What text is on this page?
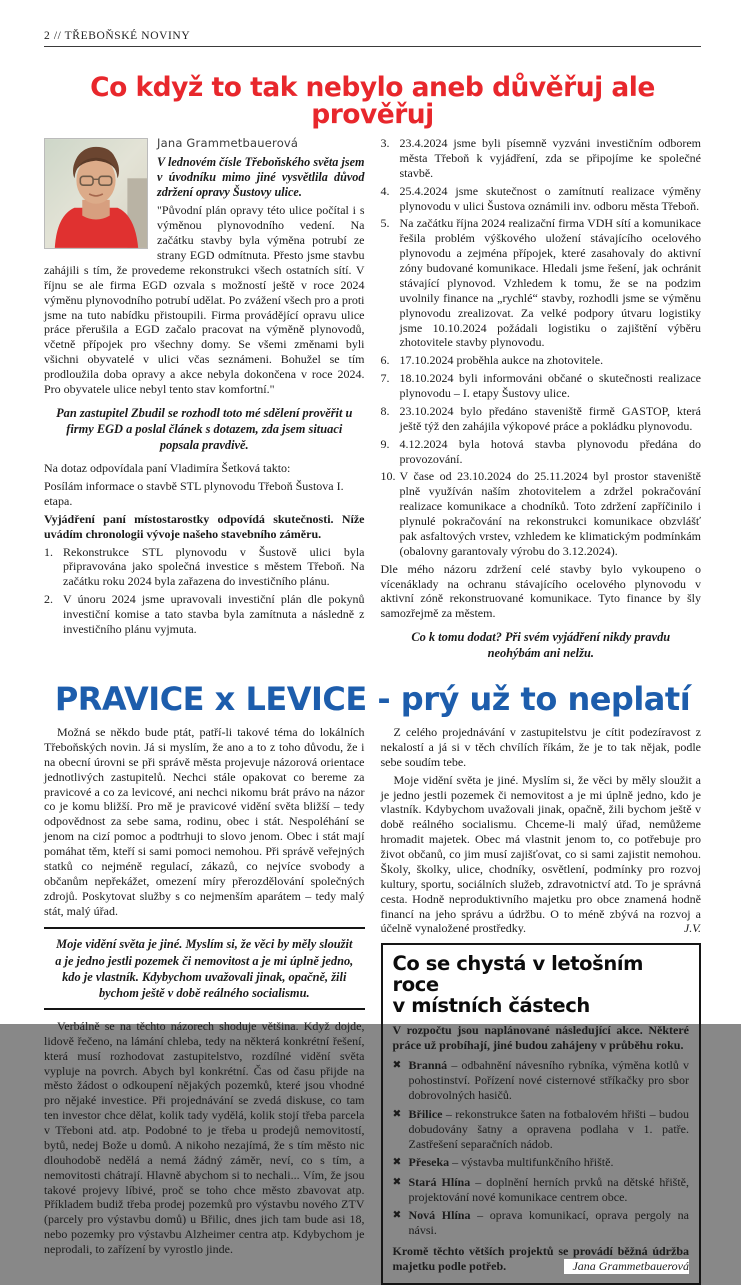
2 // TŘEBOŇSKÉ NOVINY
Co když to tak nebylo aneb důvěřuj ale prověřuj
Jana Grammetbauerová

V lednovém čísle Třeboňského světa jsem v úvodníku mimo jiné vysvětlila důvod zdržení opravy Šustovy ulice.

"Původní plán opravy této ulice počítal i s výměnou plynovodního vedení. Na začátku stavby byla výměna potrubí ze strany EGD odmítnuta. Přesto jsme stavbu zahájili s tím, že provedeme rekonstrukci všech ostatních sítí. V říjnu se ale firma EGD ozvala s možností ještě v roce 2024 výměnu plynovodního potrubí udělat. Po zvážení všech pro a proti jsme na tuto nabídku přistoupili. Firma provádějící opravu ulice práce přerušila a EGD začalo pracovat na výměně plynovodů, včetně přípojek pro všechny domy. Se všemi změnami byli všichni obyvatelé v ulici včas seznámeni. Bohužel se tím prodloužila doba opravy a akce nebyla dokončena v roce 2024. Pro obyvatele ulice nebyl tento stav komfortní."

Pan zastupitel Zbudil se rozhodl toto mé sdělení prověřit u firmy EGD a poslal článek s dotazem, zda jsem situaci popsala pravdivě.

Na dotaz odpovídala paní Vladimíra Šetková takto:

Posílám informace o stavbě STL plynovodu Třeboň Šustova I. etapa.

Vyjádření paní místostarostky odpovídá skutečnosti. Níže uvádím chronologii vývoje našeho stavebního záměru.

1. Rekonstrukce STL plynovodu v Šustově ulici byla připravována jako společná investice s městem Třeboň. Na začátku roku 2024 byla zařazena do investičního plánu.
2. V únoru 2024 jsme upravovali investiční plán dle pokynů investiční komise a tato stavba byla zamítnuta a následně z investičního plánu vyjmuta.
3. 23.4.2024 jsme byli písemně vyzváni investičním odborem města Třeboň k vyjádření, zda se připojíme ke společné stavbě.
4. 25.4.2024 jsme skutečnost o zamítnutí realizace výměny plynovodu v ulici Šustova oznámili inv. odboru města Třeboň.
5. Na začátku října 2024 realizační firma VDH sítí a komunikace řešila problém výškového uložení stávajícího ocelového plynovodu a zejména přípojek, které zasahovaly do aktivní zóny budované komunikace. Hledali jsme řešení, jak ochránit stávající plynovod. Vzhledem k tomu, že se na podzim uvolnily finance na „rychlé“ stavby, rozhodli jsme se výměnu plynovodu zrealizovat. Za velké podpory útvaru logistiky jsme 10.10.2024 požádali logistiku o zajištění výběru zhotovitele stavby plynovodu.
6. 17.10.2024 proběhla aukce na zhotovitele.
7. 18.10.2024 byli informováni občané o skutečnosti realizace plynovodu – I. etapy Šustovy ulice.
8. 23.10.2024 bylo předáno staveniště firmě GASTOP, která ještě týž den zahájila výkopové práce a pokládku plynovodu.
9. 4.12.2024 byla hotová stavba plynovodu předána do provozování.
10. V čase od 23.10.2024 do 25.11.2024 byl prostor staveniště plně využíván naším zhotovitelem a zdržel pokračování realizace komunikace a chodníků. Toto zdržení zapříčinilo i plynulé pokračování na rekonstrukci komunikace obzvlášť pak asfaltových vrstev, vzhledem ke klimatickým podmínkám (obalovny garantovaly výrobu do 3.12.2024).

Dle mého názoru zdržení celé stavby bylo vykoupeno o vícenáklady na ochranu stávajícího ocelového plynovodu v aktivní zóně rekonstruované komunikace. Tyto finance by šly samozřejmě za městem.

Co k tomu dodat? Při svém vyjádření nikdy pravdu neohýbám ani nelžu.

PRAVICE x LEVICE - prý už to neplatí

Možná se někdo bude ptát, patří-li takové téma do lokálních Třeboňských novin. Já si myslím, že ano a to z toho důvodu, že i na obecní úrovni se při správě města projevuje názorová orientace jednotlivých zastupitelů. Nechci stále opakovat co bereme za pravicové a co za levicové, ani nechci nikomu brát právo na názor co je komu bližší. Pro mě je pravicové vidění světa bližší – tedy odpovědnost za sebe sama, rodinu, obec i stát. Nespoléhání se jenom na cizí pomoc a podtrhuji to slovo jenom. Obec i stát mají pomáhat těm, kteří si sami pomoci nemohou. Při správě veřejných statků co nejméně regulací, zákazů, co nejvíce svobody a občanům nepřekážet, omezení míry přerozdělování společných zdrojů. Poskytovat služby s co nejmenším aparátem – tedy malý stát, malý úřad.

Moje vidění světa je jiné. Myslím si, že věci by měly sloužit a je jedno jestli pozemek či nemovitost a je mi úplně jedno, kdo je vlastník. Kdybychom uvažovali jinak, opačně, žili bychom ještě v době reálného socialismu.

Verbálně se na těchto názorech shoduje většina. Když dojde, lidově řečeno, na lámání chleba, tedy na některá konkrétní řešení, která musí rozhodovat zastupitelstvo, rozdílné vidění světa vypluje na povrch. Abych byl konkrétní. Čas od času přijde na město žádost o odkoupení nějakých pozemků, které jsou vhodné pro nějaké investice. Při projednávání se zvedá diskuse, co tam ten investor chce dělat, kolik tady vydělá, kolik stojí třeba parcela v Třeboni atd. atp. Podobné to je třeba u prodejů nemovitostí, bytů, nedej Bože u domů. A nikoho nezajímá, že s tím město nic dlouhodobě nedělá a nemá žádný záměr, neví, co s tím, a nemovitosti chátrají. Hlavně abychom si to nechali... Vím, že jsou takové projevy líbivé, proč se toho chce město zbavovat atp. Příkladem budiž třeba prodej pozemků pro výstavbu nového ZTV (parcely pro výstavbu domů) u Břilic, dnes jich tam bude asi 18, nebo pozemky pro výstavbu Alzheimer centra atp. Kdybychom je neprodali, to zařízení by vyrostlo jinde.

Z celého projednávání v zastupitelstvu je cítit podezíravost z nekalostí a já si v těch chvílích říkám, že je to tak nějak, podle sebe soudím tebe.

Moje vidění světa je jiné. Myslím si, že věci by měly sloužit a je jedno jestli pozemek či nemovitost a je mi úplně jedno, kdo je vlastník. Kdybychom uvažovali jinak, opačně, žili bychom ještě v době reálného socialismu. Chceme-li malý úřad, nemůžeme hromadit majetek. Obec má vlastnit jenom to, co potřebuje pro život občanů, co jim musí zajišťovat, co si sami zajistit nemohou. Školy, školky, ulice, chodníky, osvětlení, podmínky pro rozvoj kultury, sportu, sociálních služeb, zdravotnictví atd. To je správná cesta. Hodně neproduktivního majetku pro obce znamená hodně financí na jeho správu a údržbu. O to méně zbývá na rozvoj a účelně vynaložené prostředky.	J.V.

Co se chystá v letošním roce
v místních částech

V rozpočtu jsou naplánované následující akce. Některé práce už probíhají, jiné budou zahájeny v průběhu roku.

✖ Branná – odbahnění návesního rybníka, výměna kotlů v pohostinství. Pořízení nové cisternové stříkačky pro sbor dobrovolných hasičů.
✖ Břilice – rekonstrukce šaten na fotbalovém hřišti – budou dobudovány šatny a opravena podlaha v 1. patře. Zastřešení separačních nádob.
✖ Přeseka – výstavba multifunkčního hřiště.
✖ Stará Hlína – doplnění herních prvků na dětské hřiště, projektování nové komunikace centrem obce.
✖ Nová Hlína – oprava komunikací, oprava pergoly na návsi.

Kromě těchto větších projektů se provádí běžná údržba majetku podle potřeb.	Jana Grammetbauerová
